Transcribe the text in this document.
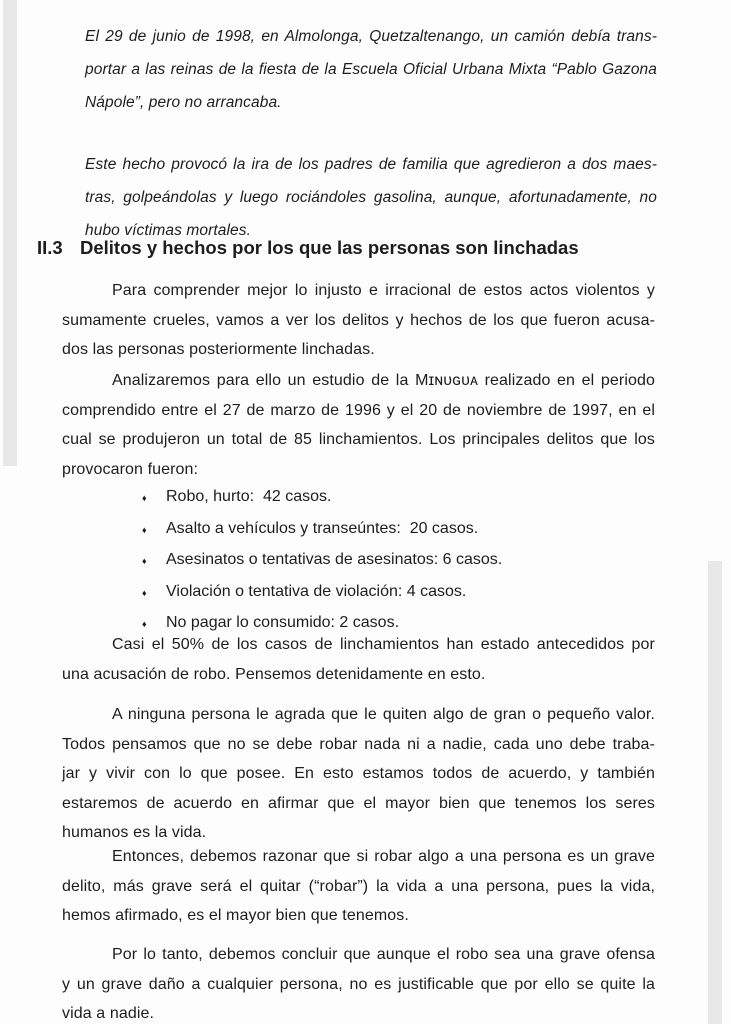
El 29 de junio de 1998, en Almolonga, Quetzaltenango, un camión debía trans-
portar a las reinas de la fiesta de la Escuela Oficial Urbana Mixta “Pablo Gazona
Nápole”, pero no arrancaba.
Este hecho provocó la ira de los padres de familia que agredieron a dos maes-
tras, golpeándolas y luego rociándoles gasolina, aunque, afortunadamente, no
hubo víctimas mortales.
II.3 Delitos y hechos por los que las personas son linchadas
Para comprender mejor lo injusto e irracional de estos actos violentos y
sumamente crueles, vamos a ver los delitos y hechos de los que fueron acusa-
dos las personas posteriormente linchadas.
Analizaremos para ello un estudio de la Mɪɴᴜɢᴜᴀ realizado en el periodo
comprendido entre el 27 de marzo de 1996 y el 20 de noviembre de 1997, en el
cual se produjeron un total de 85 linchamientos. Los principales delitos que los
provocaron fueron:
♦	Robo, hurto:  42 casos.
♦	Asalto a vehículos y transeúntes:  20 casos.
♦	Asesinatos o tentativas de asesinatos: 6 casos.
♦	Violación o tentativa de violación: 4 casos.
♦	No pagar lo consumido: 2 casos.
Casi el 50% de los casos de linchamientos han estado antecedidos por
una acusación de robo. Pensemos detenidamente en esto.
A ninguna persona le agrada que le quiten algo de gran o pequeño valor.
Todos pensamos que no se debe robar nada ni a nadie, cada uno debe traba-
jar y vivir con lo que posee. En esto estamos todos de acuerdo, y también
estaremos de acuerdo en afirmar que el mayor bien que tenemos los seres
humanos es la vida.
Entonces, debemos razonar que si robar algo a una persona es un grave
delito, más grave será el quitar (“robar”) la vida a una persona, pues la vida,
hemos afirmado, es el mayor bien que tenemos.
Por lo tanto, debemos concluir que aunque el robo sea una grave ofensa
y un grave daño a cualquier persona, no es justificable que por ello se quite la
vida a nadie.
